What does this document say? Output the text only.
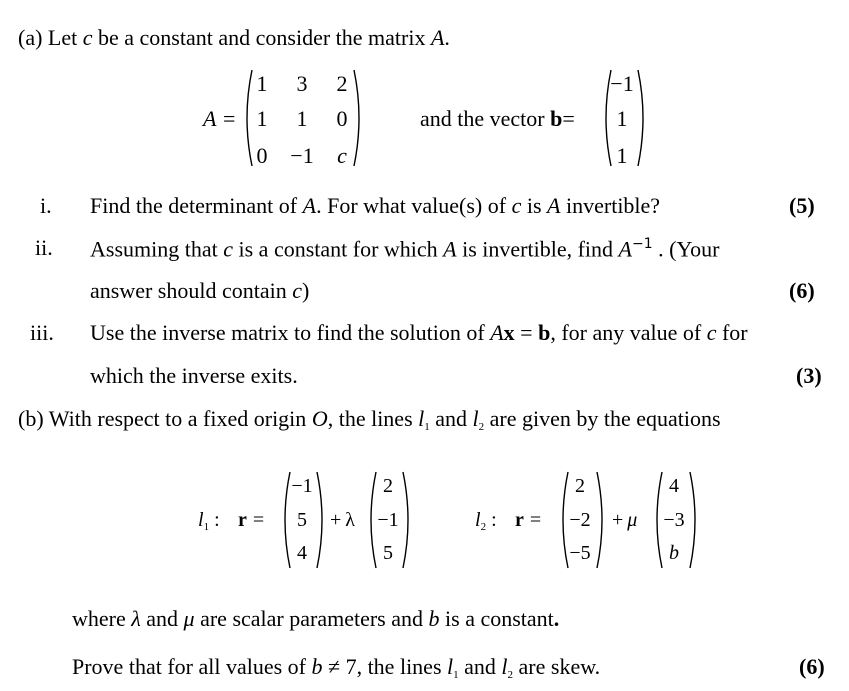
(a) Let c be a constant and consider the matrix A.
A =
1	3	2
1	1	0
0	−1	c
and the vector b=
−1
1
1
i. Find the determinant of A. For what value(s) of c is A invertible?	(5)
ii. Assuming that c is a constant for which A is invertible, find $A^{-1}$ . (Your
answer should contain c)	(6)
iii. Use the inverse matrix to find the solution of Ax = b, for any value of c for
which the inverse exits.	(3)
(b) With respect to a fixed origin O, the lines $l_1$ and $l_2$ are given by the equations
$l_1$ : r =
−1
5
4
+ λ
2
−1
5
$l_2$ : r =
2
−2
−5
+ μ
4
−3
b
where λ and μ are scalar parameters and b is a constant.
Prove that for all values of b ≠ 7, the lines $l_1$ and $l_2$ are skew.	(6)
